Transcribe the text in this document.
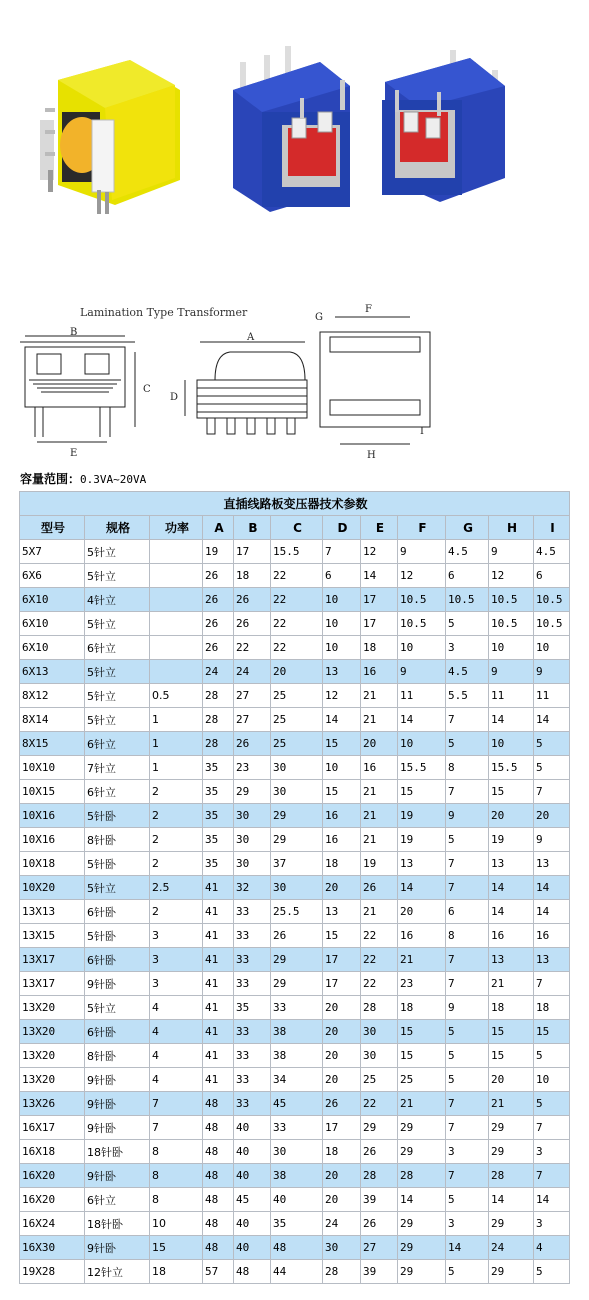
Lamination Type Transformer
A
B
C
D
E
F
G
H
I
容量范围：0.3VA~20VA
直插线路板变压器技术参数											
型号	规格	功率	A	B	C	D	E	F	G	H	I
5X7	5针立		19	17	15.5	7	12	9	4.5	9	4.5
6X6	5针立		26	18	22	6	14	12	6	12	6
6X10	4针立		26	26	22	10	17	10.5	10.5	10.5	10.5
6X10	5针立		26	26	22	10	17	10.5	5	10.5	10.5
6X10	6针立		26	22	22	10	18	10	3	10	10
6X13	5针立		24	24	20	13	16	9	4.5	9	9
8X12	5针立	0.5	28	27	25	12	21	11	5.5	11	11
8X14	5针立	1	28	27	25	14	21	14	7	14	14
8X15	6针立	1	28	26	25	15	20	10	5	10	5
10X10	7针立	1	35	23	30	10	16	15.5	8	15.5	5
10X15	6针立	2	35	29	30	15	21	15	7	15	7
10X16	5针卧	2	35	30	29	16	21	19	9	20	20
10X16	8针卧	2	35	30	29	16	21	19	5	19	9
10X18	5针卧	2	35	30	37	18	19	13	7	13	13
10X20	5针立	2.5	41	32	30	20	26	14	7	14	14
13X13	6针卧	2	41	33	25.5	13	21	20	6	14	14
13X15	5针卧	3	41	33	26	15	22	16	8	16	16
13X17	6针卧	3	41	33	29	17	22	21	7	13	13
13X17	9针卧	3	41	33	29	17	22	23	7	21	7
13X20	5针立	4	41	35	33	20	28	18	9	18	18
13X20	6针卧	4	41	33	38	20	30	15	5	15	15
13X20	8针卧	4	41	33	38	20	30	15	5	15	5
13X20	9针卧	4	41	33	34	20	25	25	5	20	10
13X26	9针卧	7	48	33	45	26	22	21	7	21	5
16X17	9针卧	7	48	40	33	17	29	29	7	29	7
16X18	18针卧	8	48	40	30	18	26	29	3	29	3
16X20	9针卧	8	48	40	38	20	28	28	7	28	7
16X20	6针立	8	48	45	40	20	39	14	5	14	14
16X24	18针卧	10	48	40	35	24	26	29	3	29	3
16X30	9针卧	15	48	40	48	30	27	29	14	24	4
19X28	12针立	18	57	48	44	28	39	29	5	29	5
